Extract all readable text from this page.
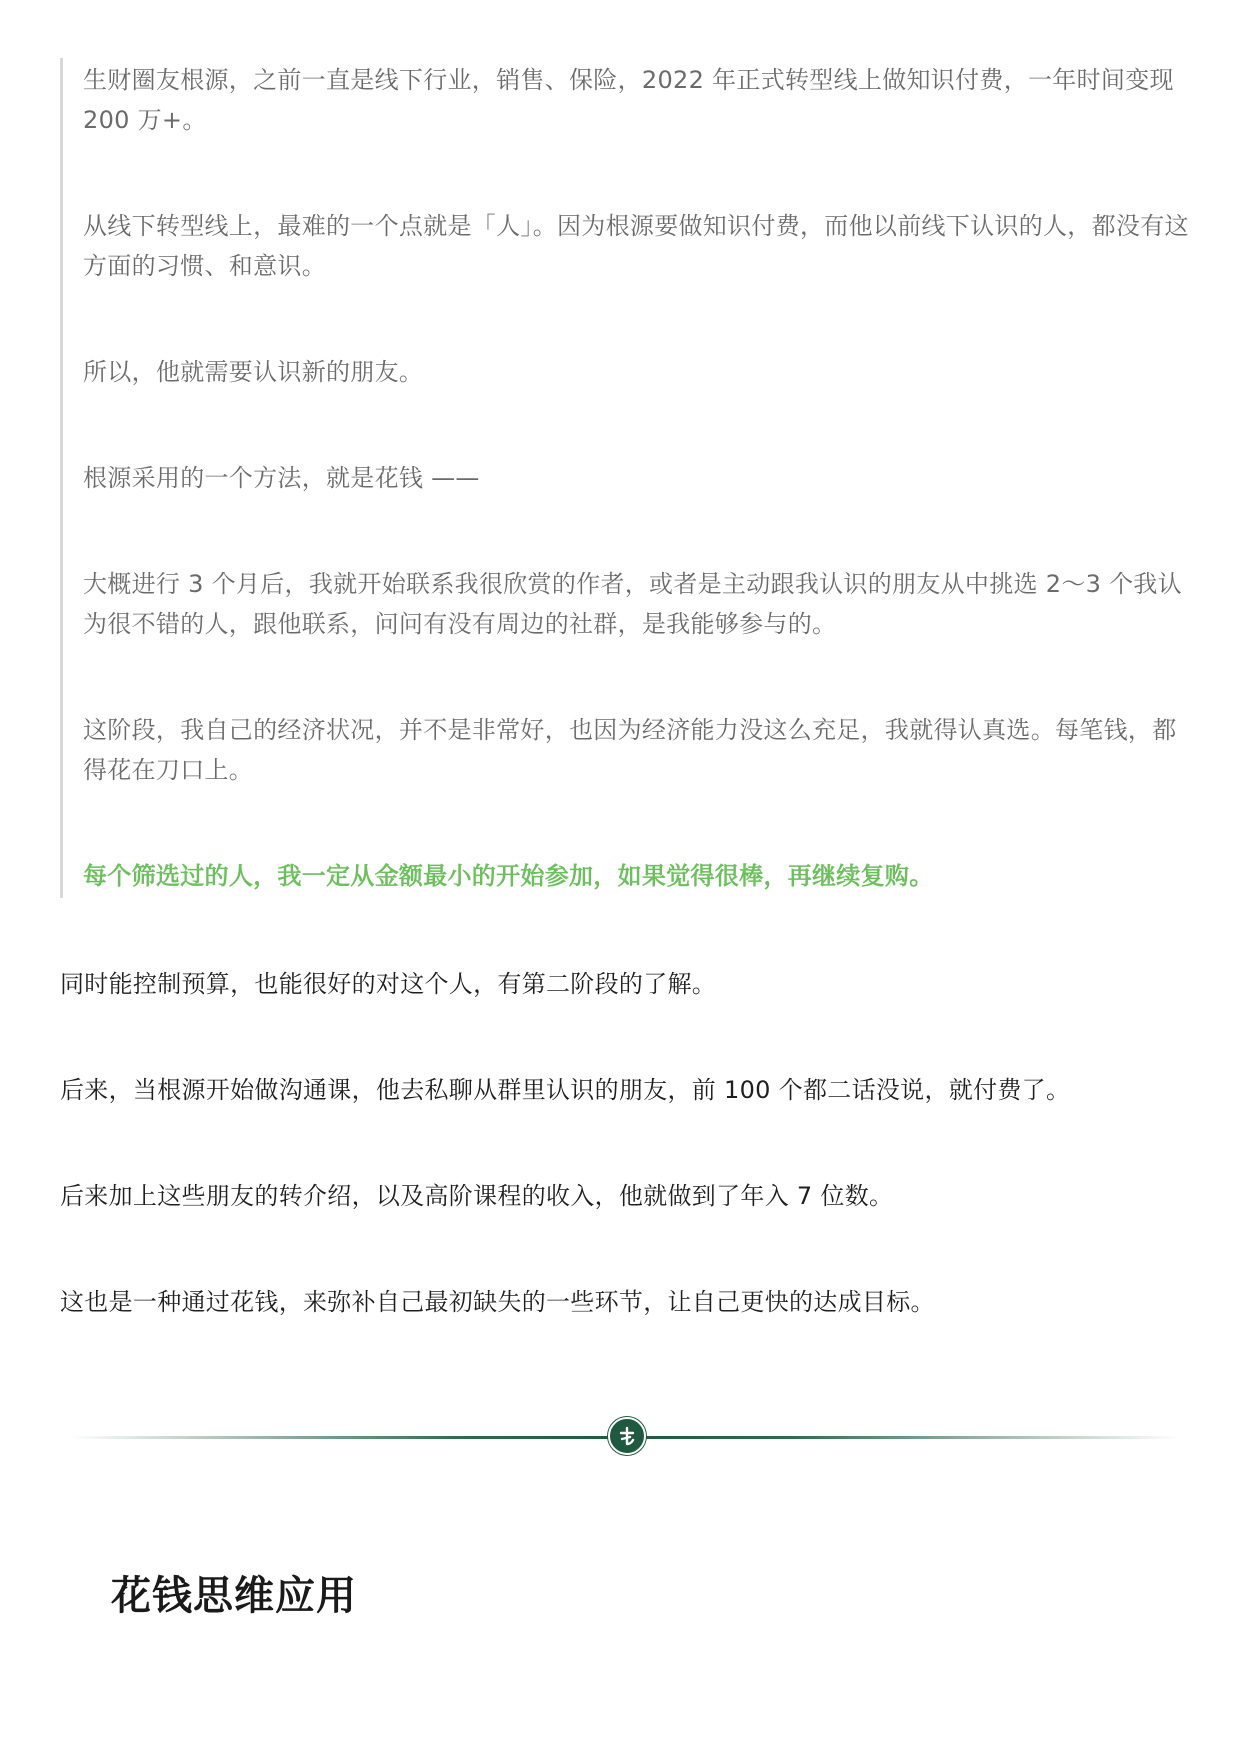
生财圈友根源，之前一直是线下行业，销售、保险，2022 年正式转型线上做知识付费，一年时间变现 200 万+。

从线下转型线上，最难的一个点就是「人」。因为根源要做知识付费，而他以前线下认识的人，都没有这方面的习惯、和意识。

所以，他就需要认识新的朋友。

根源采用的一个方法，就是花钱 ——

大概进行 3 个月后，我就开始联系我很欣赏的作者，或者是主动跟我认识的朋友从中挑选 2～3 个我认为很不错的人，跟他联系，问问有没有周边的社群，是我能够参与的。

这阶段，我自己的经济状况，并不是非常好，也因为经济能力没这么充足，我就得认真选。每笔钱，都得花在刀口上。

每个筛选过的人，我一定从金额最小的开始参加，如果觉得很棒，再继续复购。

同时能控制预算，也能很好的对这个人，有第二阶段的了解。

后来，当根源开始做沟通课，他去私聊从群里认识的朋友，前 100 个都二话没说，就付费了。

后来加上这些朋友的转介绍，以及高阶课程的收入，他就做到了年入 7 位数。

这也是一种通过花钱，来弥补自己最初缺失的一些环节，让自己更快的达成目标。

花钱思维应用
